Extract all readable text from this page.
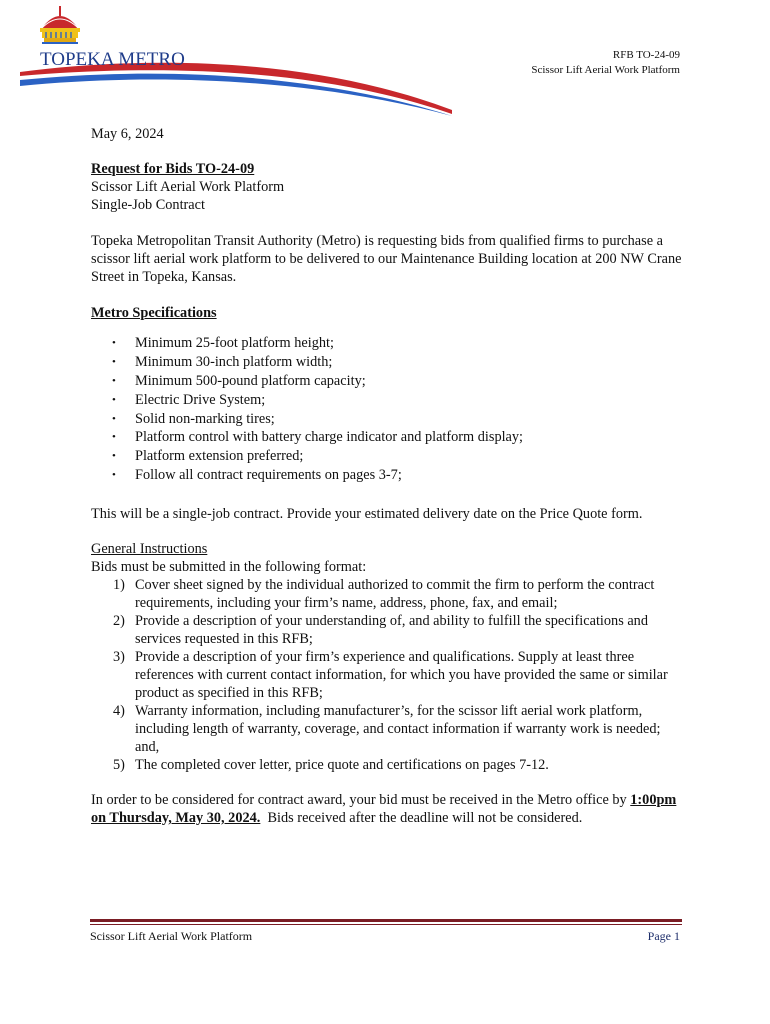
TOPEKA METRO	RFB TO-24-09
Scissor Lift Aerial Work Platform
May 6, 2024
Request for Bids TO-24-09
Scissor Lift Aerial Work Platform
Single-Job Contract
Topeka Metropolitan Transit Authority (Metro) is requesting bids from qualified firms to purchase a scissor lift aerial work platform to be delivered to our Maintenance Building location at 200 NW Crane Street in Topeka, Kansas.
Metro Specifications
• Minimum 25-foot platform height;
• Minimum 30-inch platform width;
• Minimum 500-pound platform capacity;
• Electric Drive System;
• Solid non-marking tires;
• Platform control with battery charge indicator and platform display;
• Platform extension preferred;
• Follow all contract requirements on pages 3-7;
This will be a single-job contract. Provide your estimated delivery date on the Price Quote form.
General Instructions
Bids must be submitted in the following format:
1) Cover sheet signed by the individual authorized to commit the firm to perform the contract requirements, including your firm’s name, address, phone, fax, and email;
2) Provide a description of your understanding of, and ability to fulfill the specifications and services requested in this RFB;
3) Provide a description of your firm’s experience and qualifications. Supply at least three references with current contact information, for which you have provided the same or similar product as specified in this RFB;
4) Warranty information, including manufacturer’s, for the scissor lift aerial work platform, including length of warranty, coverage, and contact information if warranty work is needed; and,
5) The completed cover letter, price quote and certifications on pages 7-12.
In order to be considered for contract award, your bid must be received in the Metro office by 1:00pm on Thursday, May 30, 2024.  Bids received after the deadline will not be considered.
Scissor Lift Aerial Work Platform	Page 1
